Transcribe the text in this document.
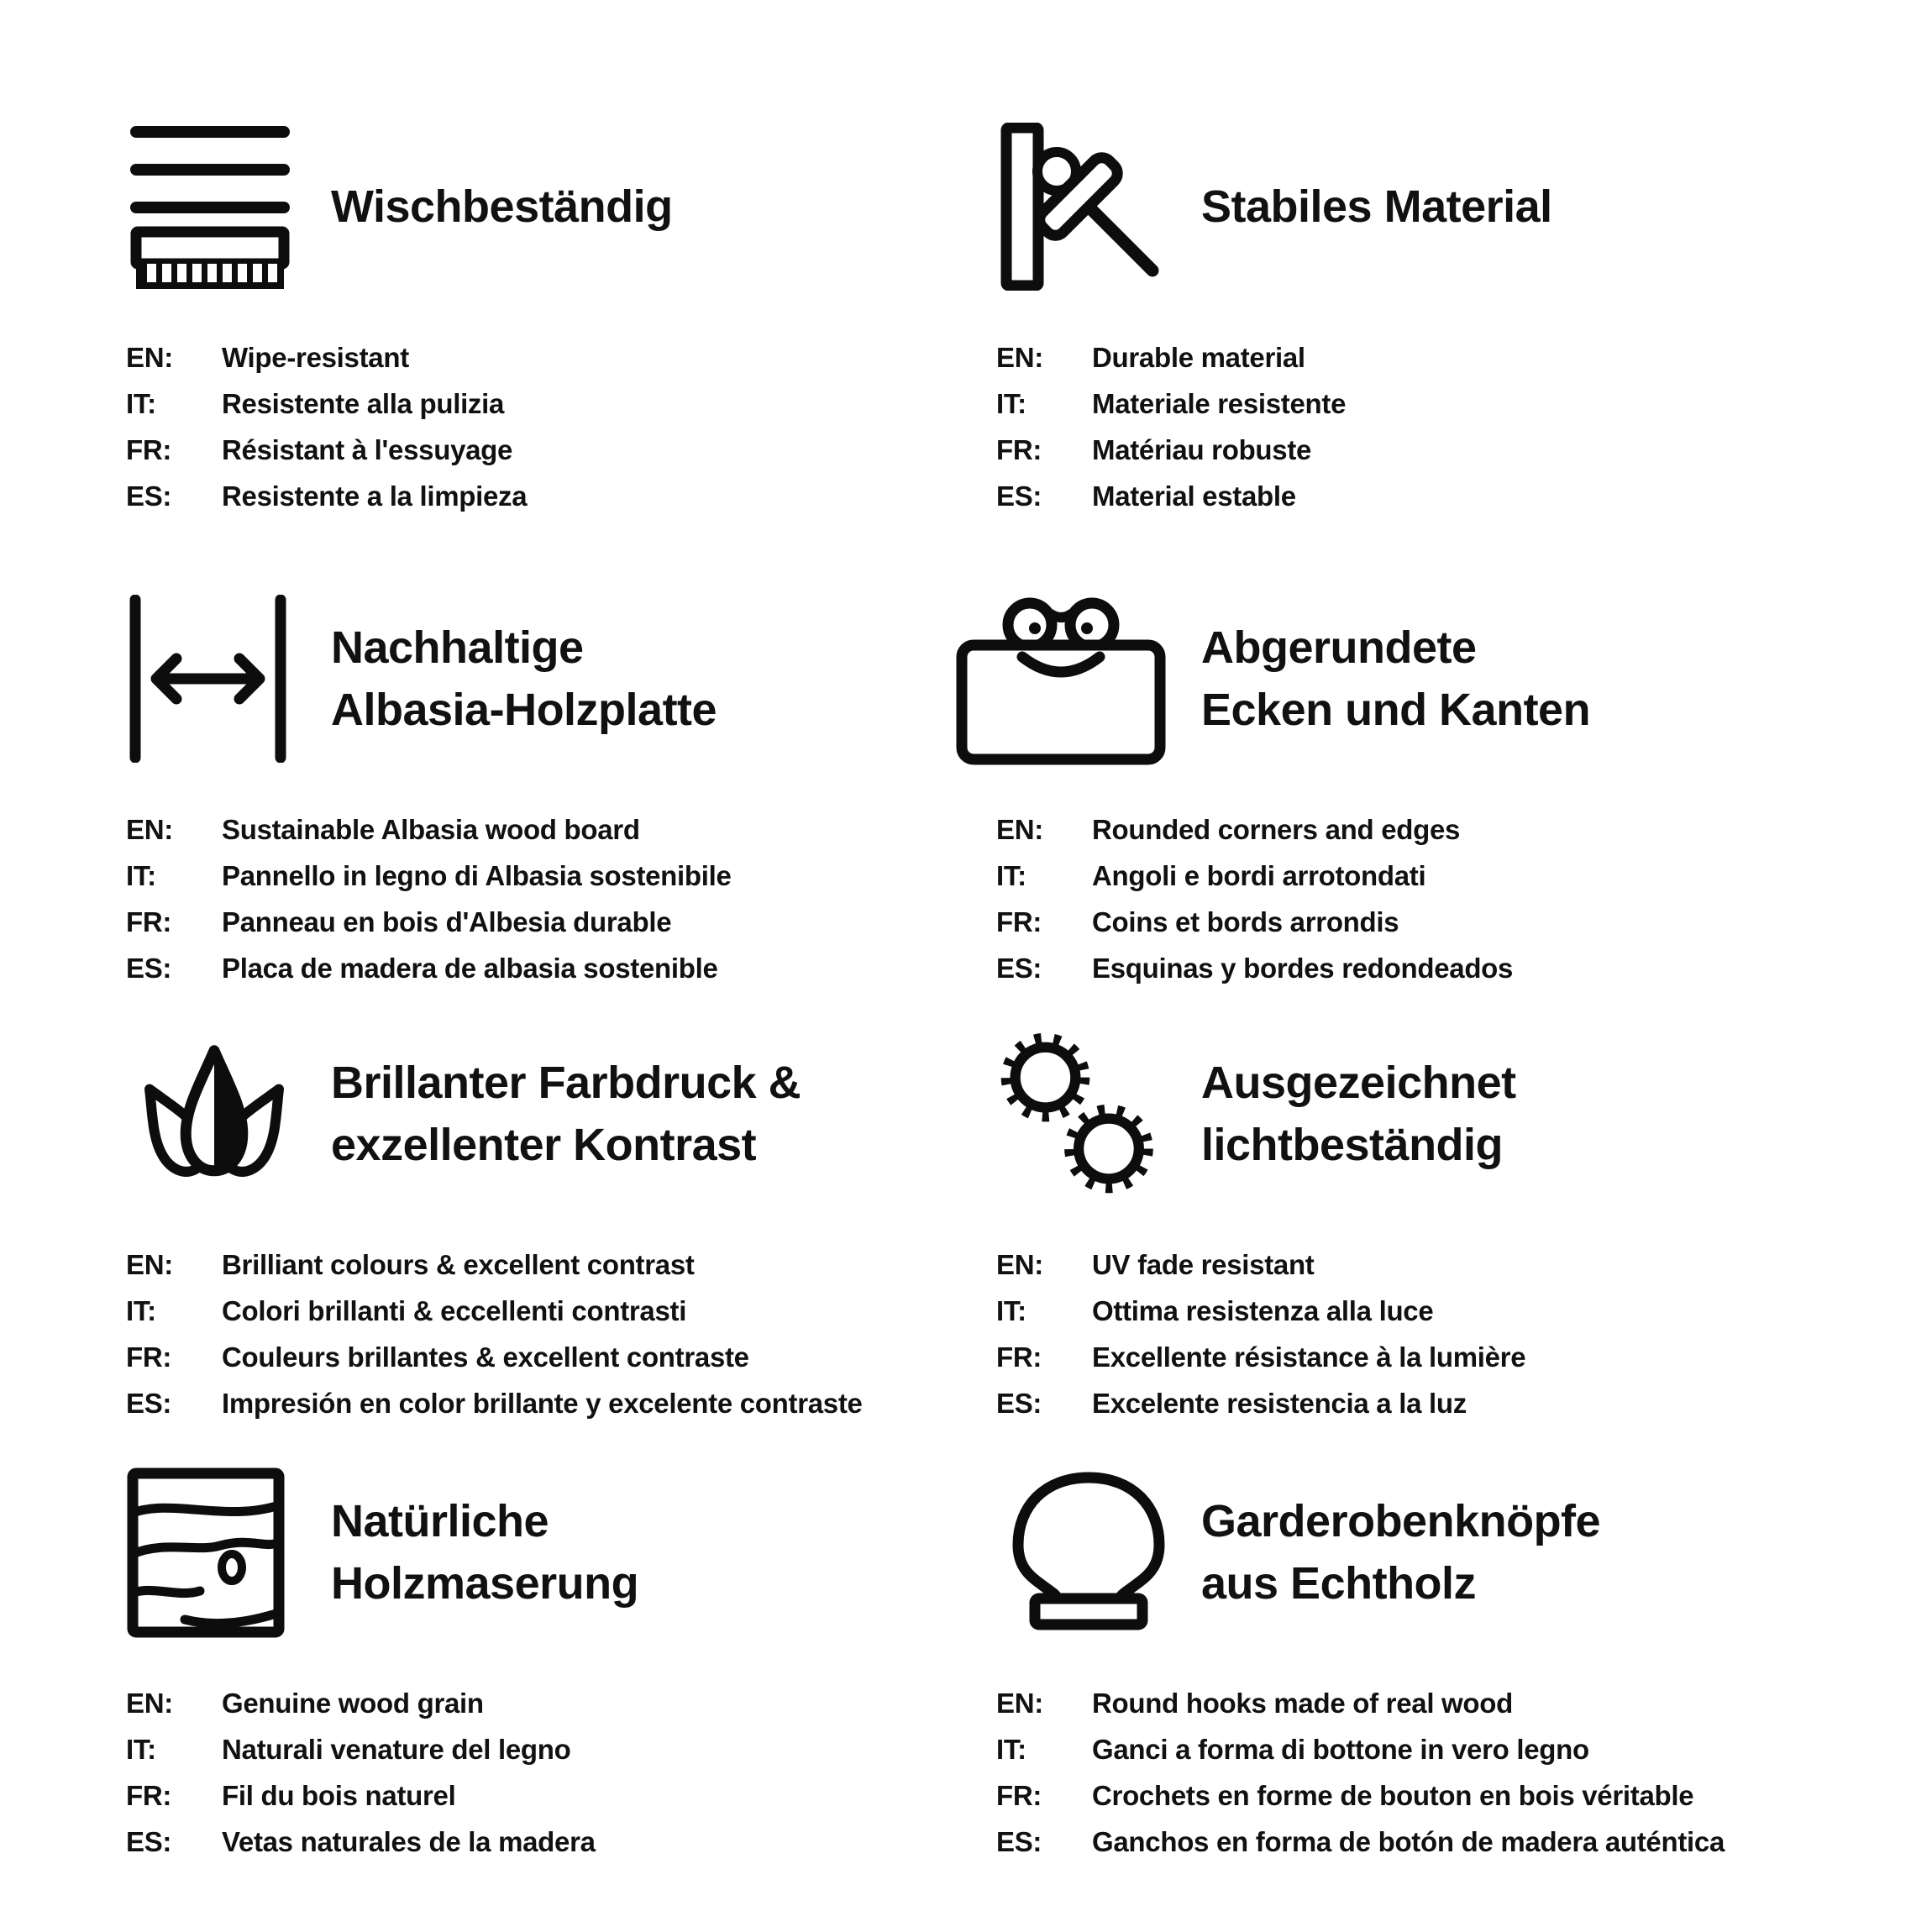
Wischbeständig
EN:	Wipe-resistant
IT:	Resistente alla pulizia
FR:	Résistant à l'essuyage
ES:	Resistente a la limpieza
Stabiles Material
EN:	Durable material
IT:	Materiale resistente
FR:	Matériau robuste
ES:	Material estable
Nachhaltige
Albasia-Holzplatte
EN:	Sustainable Albasia wood board
IT:	Pannello in legno di Albasia sostenibile
FR:	Panneau en bois d'Albesia durable
ES:	Placa de madera de albasia sostenible
Abgerundete
Ecken und Kanten
EN:	Rounded corners and edges
IT:	Angoli e bordi arrotondati
FR:	Coins et bords arrondis
ES:	Esquinas y bordes redondeados
Brillanter Farbdruck &
exzellenter Kontrast
EN:	Brilliant colours & excellent contrast
IT:	Colori brillanti & eccellenti contrasti
FR:	Couleurs brillantes & excellent contraste
ES:	Impresión en color brillante y excelente contraste
Ausgezeichnet
lichtbeständig
EN:	UV fade resistant
IT:	Ottima resistenza alla luce
FR:	Excellente résistance à la lumière
ES:	Excelente resistencia a la luz
Natürliche
Holzmaserung
EN:	Genuine wood grain
IT:	Naturali venature del legno
FR:	Fil du bois naturel
ES:	Vetas naturales de la madera
Garderobenknöpfe
aus Echtholz
EN:	Round hooks made of real wood
IT:	Ganci a forma di bottone in vero legno
FR:	Crochets en forme de bouton en bois véritable
ES:	Ganchos en forma de botón de madera auténtica
